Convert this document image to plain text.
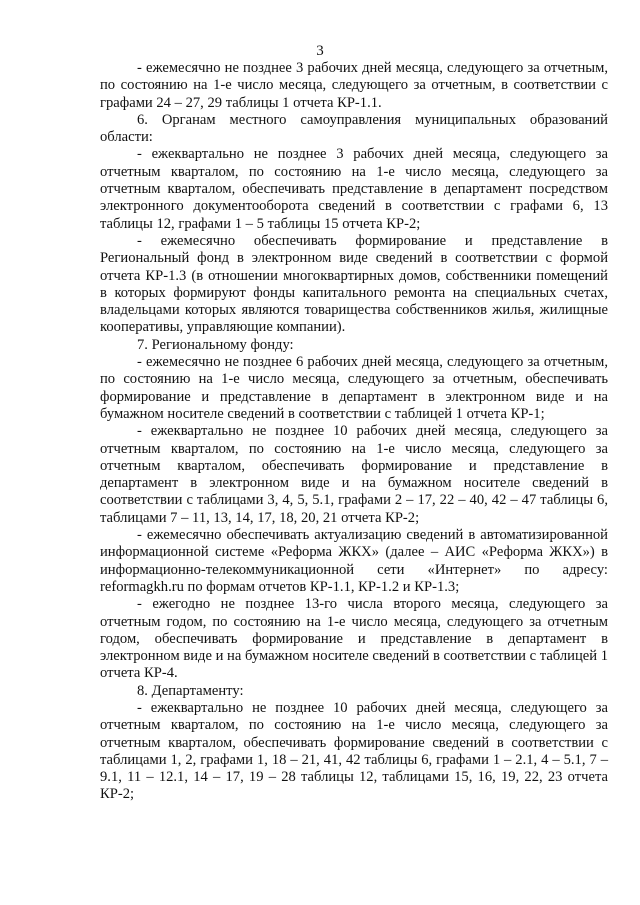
3

- ежемесячно не позднее 3 рабочих дней месяца, следующего за отчетным, по состоянию на 1-е число месяца, следующего за отчетным, в соответствии с графами 24 – 27, 29 таблицы 1 отчета КР-1.1.

6. Органам местного самоуправления муниципальных образований области:

- ежеквартально не позднее 3 рабочих дней месяца, следующего за отчетным кварталом, по состоянию на 1-е число месяца, следующего за отчетным кварталом, обеспечивать представление в департамент посредством электронного документооборота сведений в соответствии с графами 6, 13 таблицы 12, графами 1 – 5 таблицы 15 отчета КР-2;

- ежемесячно обеспечивать формирование и представление в Региональный фонд в электронном виде сведений в соответствии с формой отчета КР-1.3 (в отношении многоквартирных домов, собственники помещений в которых формируют фонды капитального ремонта на специальных счетах, владельцами которых являются товарищества собственников жилья, жилищные кооперативы, управляющие компании).

7. Региональному фонду:

- ежемесячно не позднее 6 рабочих дней месяца, следующего за отчетным, по состоянию на 1-е число месяца, следующего за отчетным, обеспечивать формирование и представление в департамент в электронном виде и на бумажном носителе сведений в соответствии с таблицей 1 отчета КР-1;

- ежеквартально не позднее 10 рабочих дней месяца, следующего за отчетным кварталом, по состоянию на 1-е число месяца, следующего за отчетным кварталом, обеспечивать формирование и представление в департамент в электронном виде и на бумажном носителе сведений в соответствии с таблицами 3, 4, 5, 5.1, графами 2 – 17, 22 – 40, 42 – 47 таблицы 6, таблицами 7 – 11, 13, 14, 17, 18, 20, 21 отчета КР-2;

- ежемесячно обеспечивать актуализацию сведений в автоматизированной информационной системе «Реформа ЖКХ» (далее – АИС «Реформа ЖКХ») в информационно-телекоммуникационной сети «Интернет» по адресу: reformagkh.ru по формам отчетов КР-1.1, КР-1.2 и КР-1.3;

- ежегодно не позднее 13-го числа второго месяца, следующего за отчетным годом, по состоянию на 1-е число месяца, следующего за отчетным годом, обеспечивать формирование и представление в департамент в электронном виде и на бумажном носителе сведений в соответствии с таблицей 1 отчета КР-4.

8. Департаменту:

- ежеквартально не позднее 10 рабочих дней месяца, следующего за отчетным кварталом, по состоянию на 1-е число месяца, следующего за отчетным кварталом, обеспечивать формирование сведений в соответствии с таблицами 1, 2, графами 1, 18 – 21, 41, 42 таблицы 6, графами 1 – 2.1, 4 – 5.1, 7 – 9.1, 11 – 12.1, 14 – 17, 19 – 28 таблицы 12, таблицами 15, 16, 19, 22, 23 отчета КР-2;
